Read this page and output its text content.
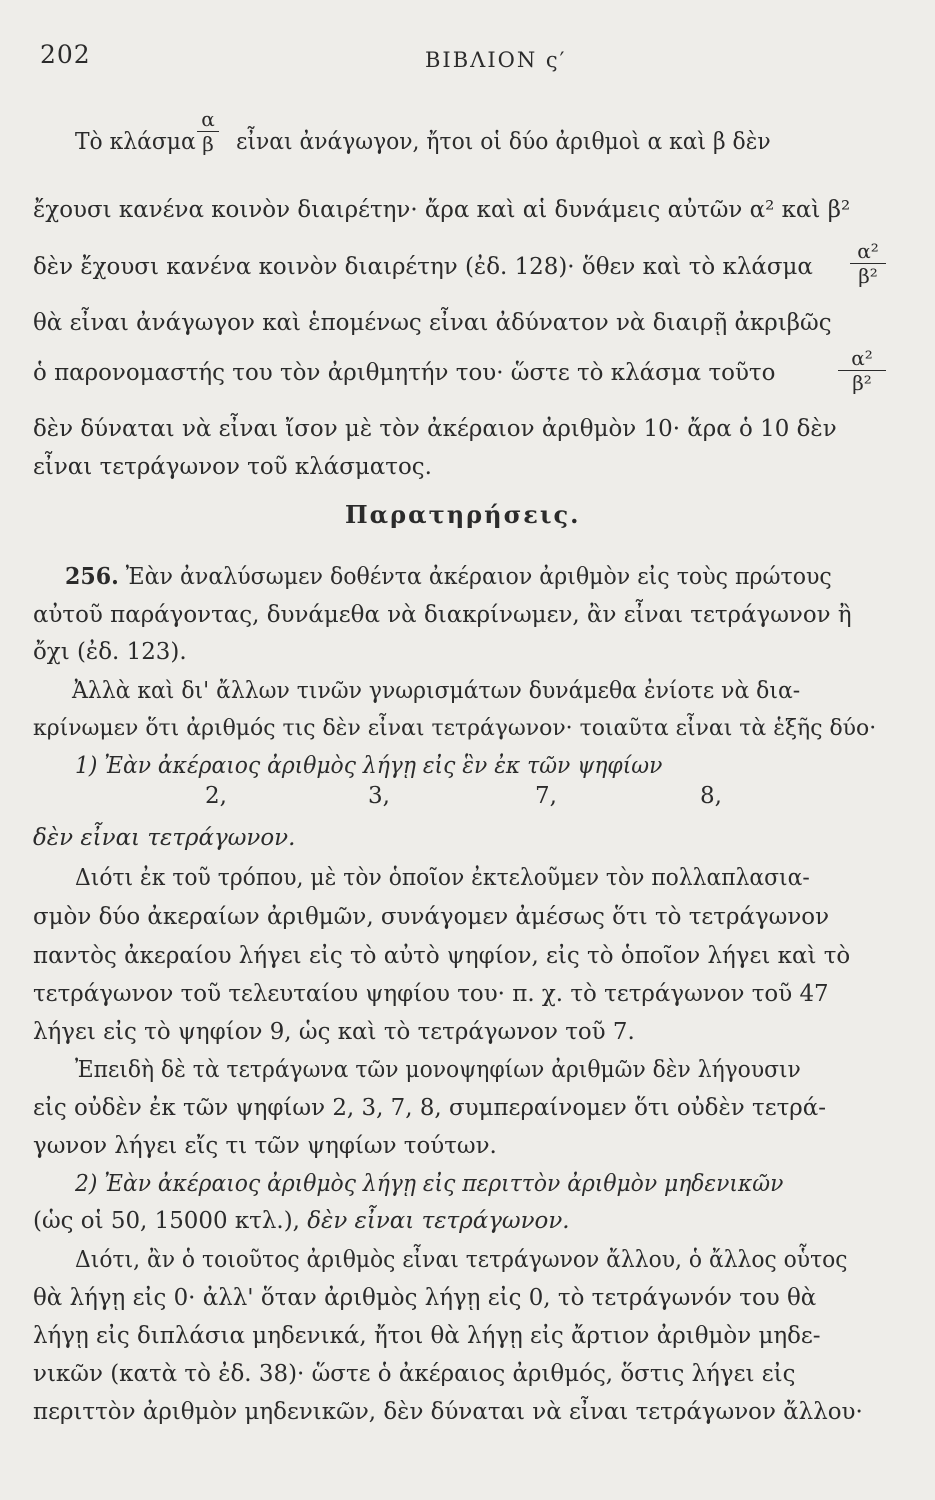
202	ΒΙΒΛΙΟΝ ς′
Τὸ κλάσμα εἶναι ἀνάγωγον, ἤτοι οἱ δύο ἀριθμοὶ α καὶ β δὲν
α
β
ἔχουσι κανένα κοινὸν διαιρέτην· ἄρα καὶ αἱ δυνάμεις αὐτῶν α² καὶ β²
δὲν ἔχουσι κανένα κοινὸν διαιρέτην (ἐδ. 128)· ὅθεν καὶ τὸ κλάσμα
α²
β²
θὰ εἶναι ἀνάγωγον καὶ ἑπομένως εἶναι ἀδύνατον νὰ διαιρῇ ἀκριβῶς
ὁ παρονομαστής του τὸν ἀριθμητήν του· ὥστε τὸ κλάσμα τοῦτο
α²
β²
δὲν δύναται νὰ εἶναι ἴσον μὲ τὸν ἀκέραιον ἀριθμὸν 10· ἄρα ὁ 10 δὲν
εἶναι τετράγωνον τοῦ κλάσματος.
Παρατηρήσεις.
256. Ἐὰν ἀναλύσωμεν δοθέντα ἀκέραιον ἀριθμὸν εἰς τοὺς πρώτους
αὐτοῦ παράγοντας, δυνάμεθα νὰ διακρίνωμεν, ἂν εἶναι τετράγωνον ἢ
ὄχι (ἐδ. 123).
Ἀλλὰ καὶ δι' ἄλλων τινῶν γνωρισμάτων δυνάμεθα ἐνίοτε νὰ δια-
κρίνωμεν ὅτι ἀριθμός τις δὲν εἶναι τετράγωνον· τοιαῦτα εἶναι τὰ ἑξῆς δύο·
1) Ἐὰν ἀκέραιος ἀριθμὸς λήγῃ εἰς ἓν ἐκ τῶν ψηφίων
2,	3,	7,	8,
δὲν εἶναι τετράγωνον.
Διότι ἐκ τοῦ τρόπου, μὲ τὸν ὁποῖον ἐκτελοῦμεν τὸν πολλαπλασια-
σμὸν δύο ἀκεραίων ἀριθμῶν, συνάγομεν ἀμέσως ὅτι τὸ τετράγωνον
παντὸς ἀκεραίου λήγει εἰς τὸ αὐτὸ ψηφίον, εἰς τὸ ὁποῖον λήγει καὶ τὸ
τετράγωνον τοῦ τελευταίου ψηφίου του· π. χ. τὸ τετράγωνον τοῦ 47
λήγει εἰς τὸ ψηφίον 9, ὡς καὶ τὸ τετράγωνον τοῦ 7.
Ἐπειδὴ δὲ τὰ τετράγωνα τῶν μονοψηφίων ἀριθμῶν δὲν λήγουσιν
εἰς οὐδὲν ἐκ τῶν ψηφίων 2, 3, 7, 8, συμπεραίνομεν ὅτι οὐδὲν τετρά-
γωνον λήγει εἴς τι τῶν ψηφίων τούτων.
2) Ἐὰν ἀκέραιος ἀριθμὸς λήγῃ εἰς περιττὸν ἀριθμὸν μηδενικῶν
(ὡς οἱ 50, 15000 κτλ.), δὲν εἶναι τετράγωνον.
Διότι, ἂν ὁ τοιοῦτος ἀριθμὸς εἶναι τετράγωνον ἄλλου, ὁ ἄλλος οὗτος
θὰ λήγῃ εἰς 0· ἀλλ' ὅταν ἀριθμὸς λήγῃ εἰς 0, τὸ τετράγωνόν του θὰ
λήγῃ εἰς διπλάσια μηδενικά, ἤτοι θὰ λήγῃ εἰς ἄρτιον ἀριθμὸν μηδε-
νικῶν (κατὰ τὸ ἐδ. 38)· ὥστε ὁ ἀκέραιος ἀριθμός, ὅστις λήγει εἰς
περιττὸν ἀριθμὸν μηδενικῶν, δὲν δύναται νὰ εἶναι τετράγωνον ἄλλου·
